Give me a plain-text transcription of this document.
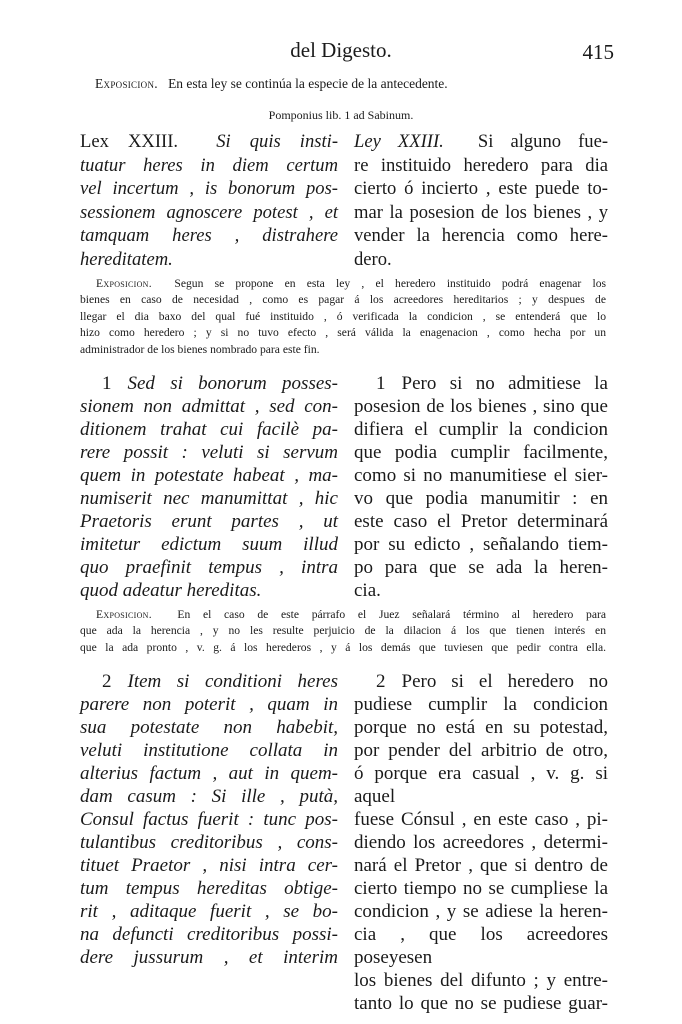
del Digesto.	415
Exposicion. En esta ley se continúa la especie de la antecedente.
Pomponius lib. 1 ad Sabinum.
Lex XXIII. Si quis insti-
tuatur heres in diem certum
vel incertum , is bonorum pos-
sessionem agnoscere potest , et
tamquam heres , distrahere
hereditatem.
Ley XXIII. Si alguno fue-
re instituido heredero para dia
cierto ó incierto , este puede to-
mar la posesion de los bienes , y
vender la herencia como here-
dero.
Exposicion. Segun se propone en esta ley , el heredero instituido podrá enagenar los
bienes en caso de necesidad , como es pagar á los acreedores hereditarios ; y despues de
llegar el dia baxo del qual fué instituido , ó verificada la condicion , se entenderá que lo
hizo como heredero ; y si no tuvo efecto , será válida la enagenacion , como hecha por un
administrador de los bienes nombrado para este fin.
1 Sed si bonorum posses-
sionem non admittat , sed con-
ditionem trahat cui facilè pa-
rere possit : veluti si servum
quem in potestate habeat , ma-
numiserit nec manumittat , hic
Praetoris erunt partes , ut
imitetur edictum suum illud
quo praefinit tempus , intra
quod adeatur hereditas.
1 Pero si no admitiese la
posesion de los bienes , sino que
difiera el cumplir la condicion
que podia cumplir facilmente,
como si no manumitiese el sier-
vo que podia manumitir : en
este caso el Pretor determinará
por su edicto , señalando tiem-
po para que se ada la heren-
cia.
Exposicion. En el caso de este párrafo el Juez señalará término al heredero para
que ada la herencia , y no les resulte perjuicio de la dilacion á los que tienen interés en
que la ada pronto , v. g. á los herederos , y á los demás que tuviesen que pedir contra ella.
2 Item si conditioni heres
parere non poterit , quam in
sua potestate non habebit,
veluti institutione collata in
alterius factum , aut in quem-
dam casum : Si ille , putà,
Consul factus fuerit : tunc pos-
tulantibus creditoribus , cons-
tituet Praetor , nisi intra cer-
tum tempus hereditas obtige-
rit , aditaque fuerit , se bo-
na defuncti creditoribus possi-
dere jussurum , et interim
2 Pero si el heredero no
pudiese cumplir la condicion
porque no está en su potestad,
por pender del arbitrio de otro,
ó porque era casual , v. g. si aquel
fuese Cónsul , en este caso , pi-
diendo los acreedores , determi-
nará el Pretor , que si dentro de
cierto tiempo no se cumpliese la
condicion , y se adiese la heren-
cia , que los acreedores poseyesen
los bienes del difunto ; y entre-
tanto lo que no se pudiese guar-
